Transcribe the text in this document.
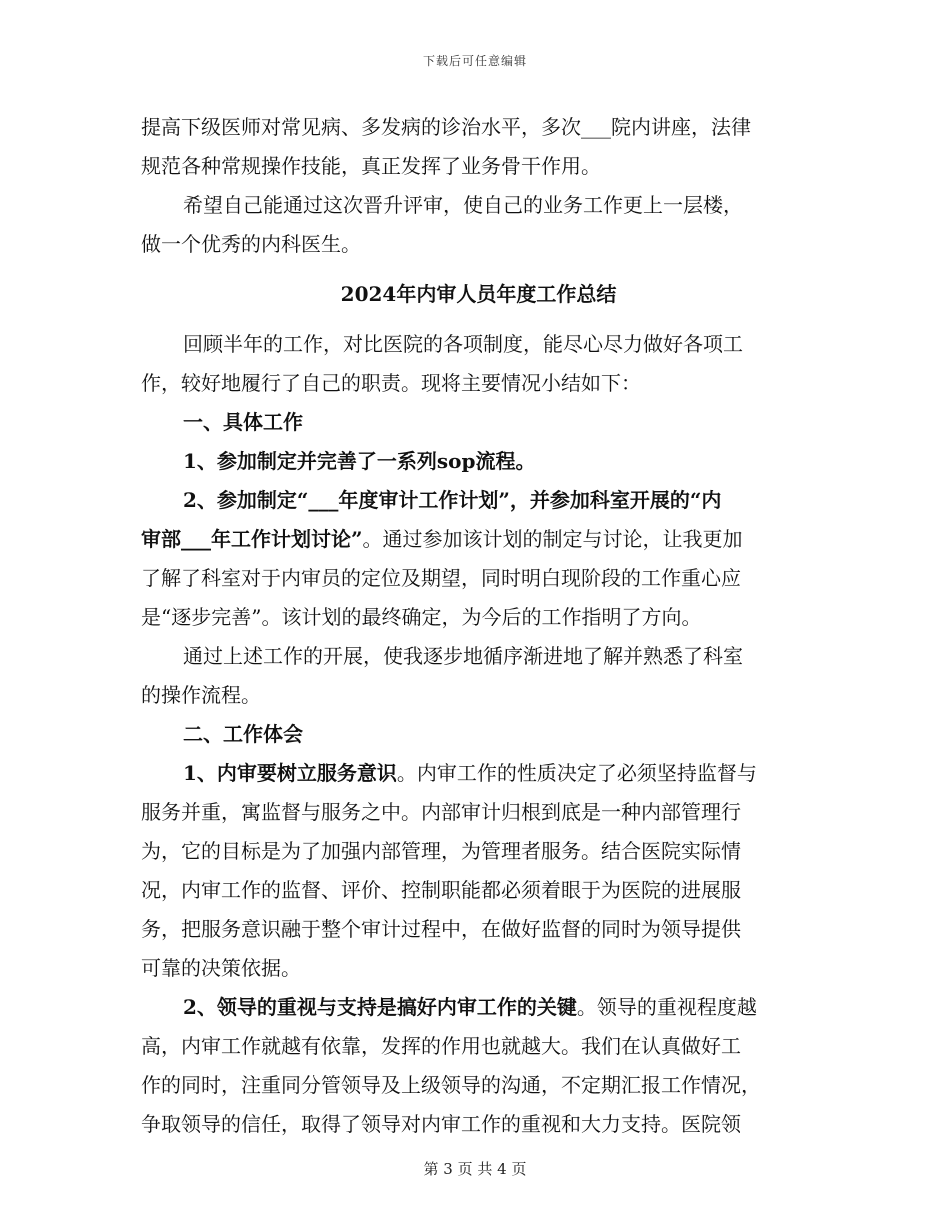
下载后可任意编辑
提高下级医师对常见病、多发病的诊治水平，多次___院内讲座，法律
规范各种常规操作技能，真正发挥了业务骨干作用。
希望自己能通过这次晋升评审，使自己的业务工作更上一层楼，
做一个优秀的内科医生。
2024年内审人员年度工作总结
回顾半年的工作，对比医院的各项制度，能尽心尽力做好各项工
作，较好地履行了自己的职责。现将主要情况小结如下：
一、具体工作
1、参加制定并完善了一系列sop流程。
2、参加制定“___年度审计工作计划”，并参加科室开展的“内
审部___年工作计划讨论”。通过参加该计划的制定与讨论，让我更加
了解了科室对于内审员的定位及期望，同时明白现阶段的工作重心应
是“逐步完善”。该计划的最终确定，为今后的工作指明了方向。
通过上述工作的开展，使我逐步地循序渐进地了解并熟悉了科室
的操作流程。
二、工作体会
1、内审要树立服务意识。内审工作的性质决定了必须坚持监督与
服务并重，寓监督与服务之中。内部审计归根到底是一种内部管理行
为，它的目标是为了加强内部管理，为管理者服务。结合医院实际情
况，内审工作的监督、评价、控制职能都必须着眼于为医院的进展服
务，把服务意识融于整个审计过程中，在做好监督的同时为领导提供
可靠的决策依据。
2、领导的重视与支持是搞好内审工作的关键。领导的重视程度越
高，内审工作就越有依靠，发挥的作用也就越大。我们在认真做好工
作的同时，注重同分管领导及上级领导的沟通，不定期汇报工作情况，
争取领导的信任，取得了领导对内审工作的重视和大力支持。医院领
第 3 页 共 4 页
